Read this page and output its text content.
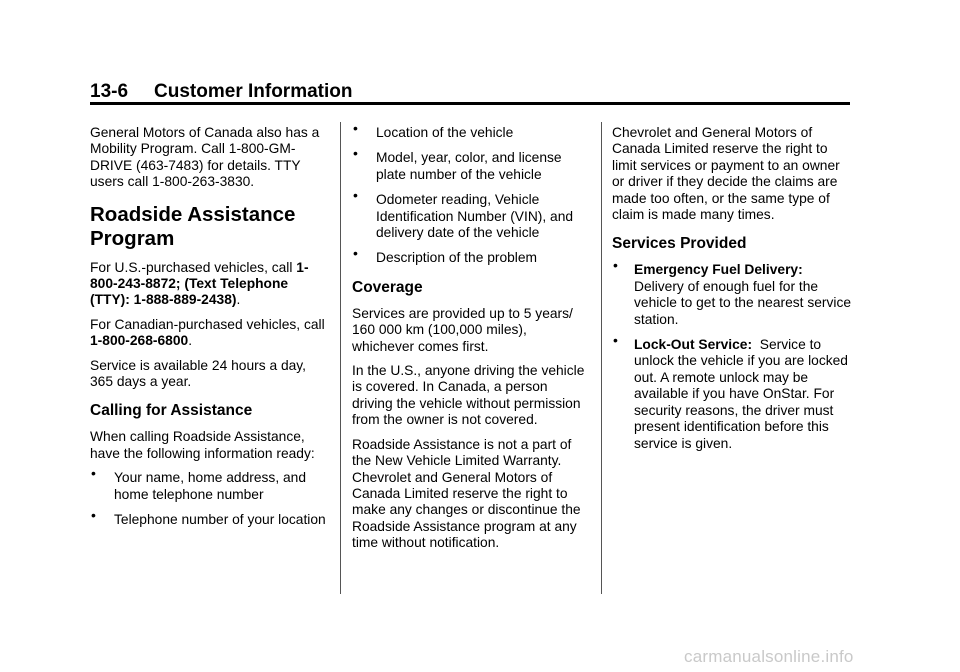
13-6 Customer Information

General Motors of Canada also has a Mobility Program. Call 1-800-GM-DRIVE (463-7483) for details. TTY users call 1-800-263-3830.

Roadside Assistance Program

For U.S.-purchased vehicles, call 1-800-243-8872; (Text Telephone (TTY): 1-888-889-2438).

For Canadian-purchased vehicles, call 1-800-268-6800.

Service is available 24 hours a day, 365 days a year.

Calling for Assistance

When calling Roadside Assistance, have the following information ready:

• Your name, home address, and home telephone number
• Telephone number of your location
• Location of the vehicle
• Model, year, color, and license plate number of the vehicle
• Odometer reading, Vehicle Identification Number (VIN), and delivery date of the vehicle
• Description of the problem
Coverage

Services are provided up to 5 years/ 160 000 km (100,000 miles), whichever comes first.

In the U.S., anyone driving the vehicle is covered. In Canada, a person driving the vehicle without permission from the owner is not covered.

Roadside Assistance is not a part of the New Vehicle Limited Warranty. Chevrolet and General Motors of Canada Limited reserve the right to make any changes or discontinue the Roadside Assistance program at any time without notification.

Chevrolet and General Motors of Canada Limited reserve the right to limit services or payment to an owner or driver if they decide the claims are made too often, or the same type of claim is made many times.

Services Provided
• Emergency Fuel Delivery:
Delivery of enough fuel for the vehicle to get to the nearest service station.
• Lock-Out Service: Service to unlock the vehicle if you are locked out. A remote unlock may be available if you have OnStar. For security reasons, the driver must present identification before this service is given.
carmanualsonline.info
